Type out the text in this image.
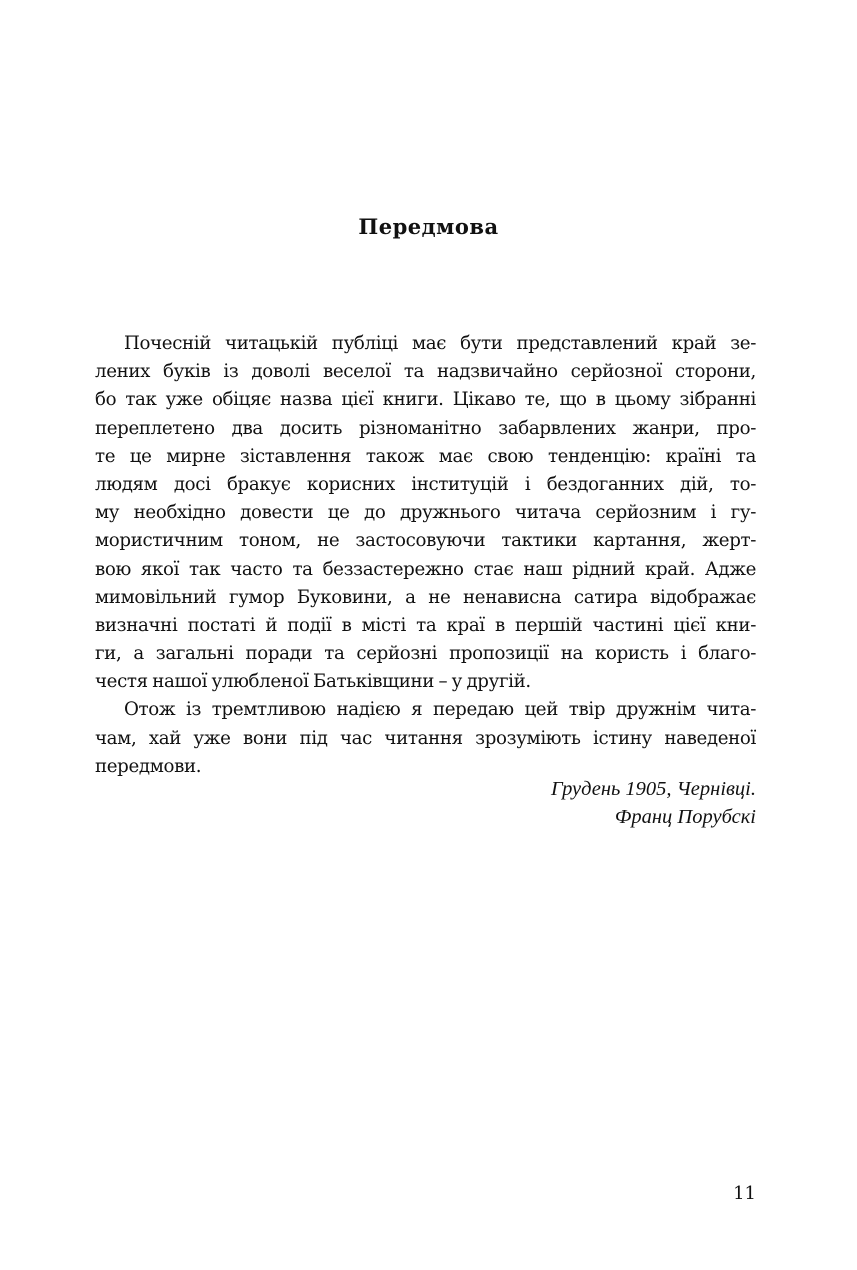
Передмова
Почесній читацькій публіці має бути представлений край зе-
лених буків із доволі веселої та надзвичайно серйозної сторони,
бо так уже обіцяє назва цієї книги. Цікаво те, що в цьому зібранні
переплетено два досить різноманітно забарвлених жанри, про-
те це мирне зіставлення також має свою тенденцію: країні та
людям досі бракує корисних інституцій і бездоганних дій, то-
му необхідно довести це до дружнього читача серйозним і гу-
мористичним тоном, не застосовуючи тактики картання, жерт-
вою якої так часто та беззастережно стає наш рідний край. Адже
мимовільний гумор Буковини, а не ненависна сатира відображає
визначні постаті й події в місті та краї в першій частині цієї кни-
ги, а загальні поради та серйозні пропозиції на користь і благо-
честя нашої улюбленої Батьківщини – у другій.
Отож із тремтливою надією я передаю цей твір дружнім чита-
чам, хай уже вони під час читання зрозуміють істину наведеної
передмови.
Грудень 1905, Чернівці.
Франц Порубскі
11
